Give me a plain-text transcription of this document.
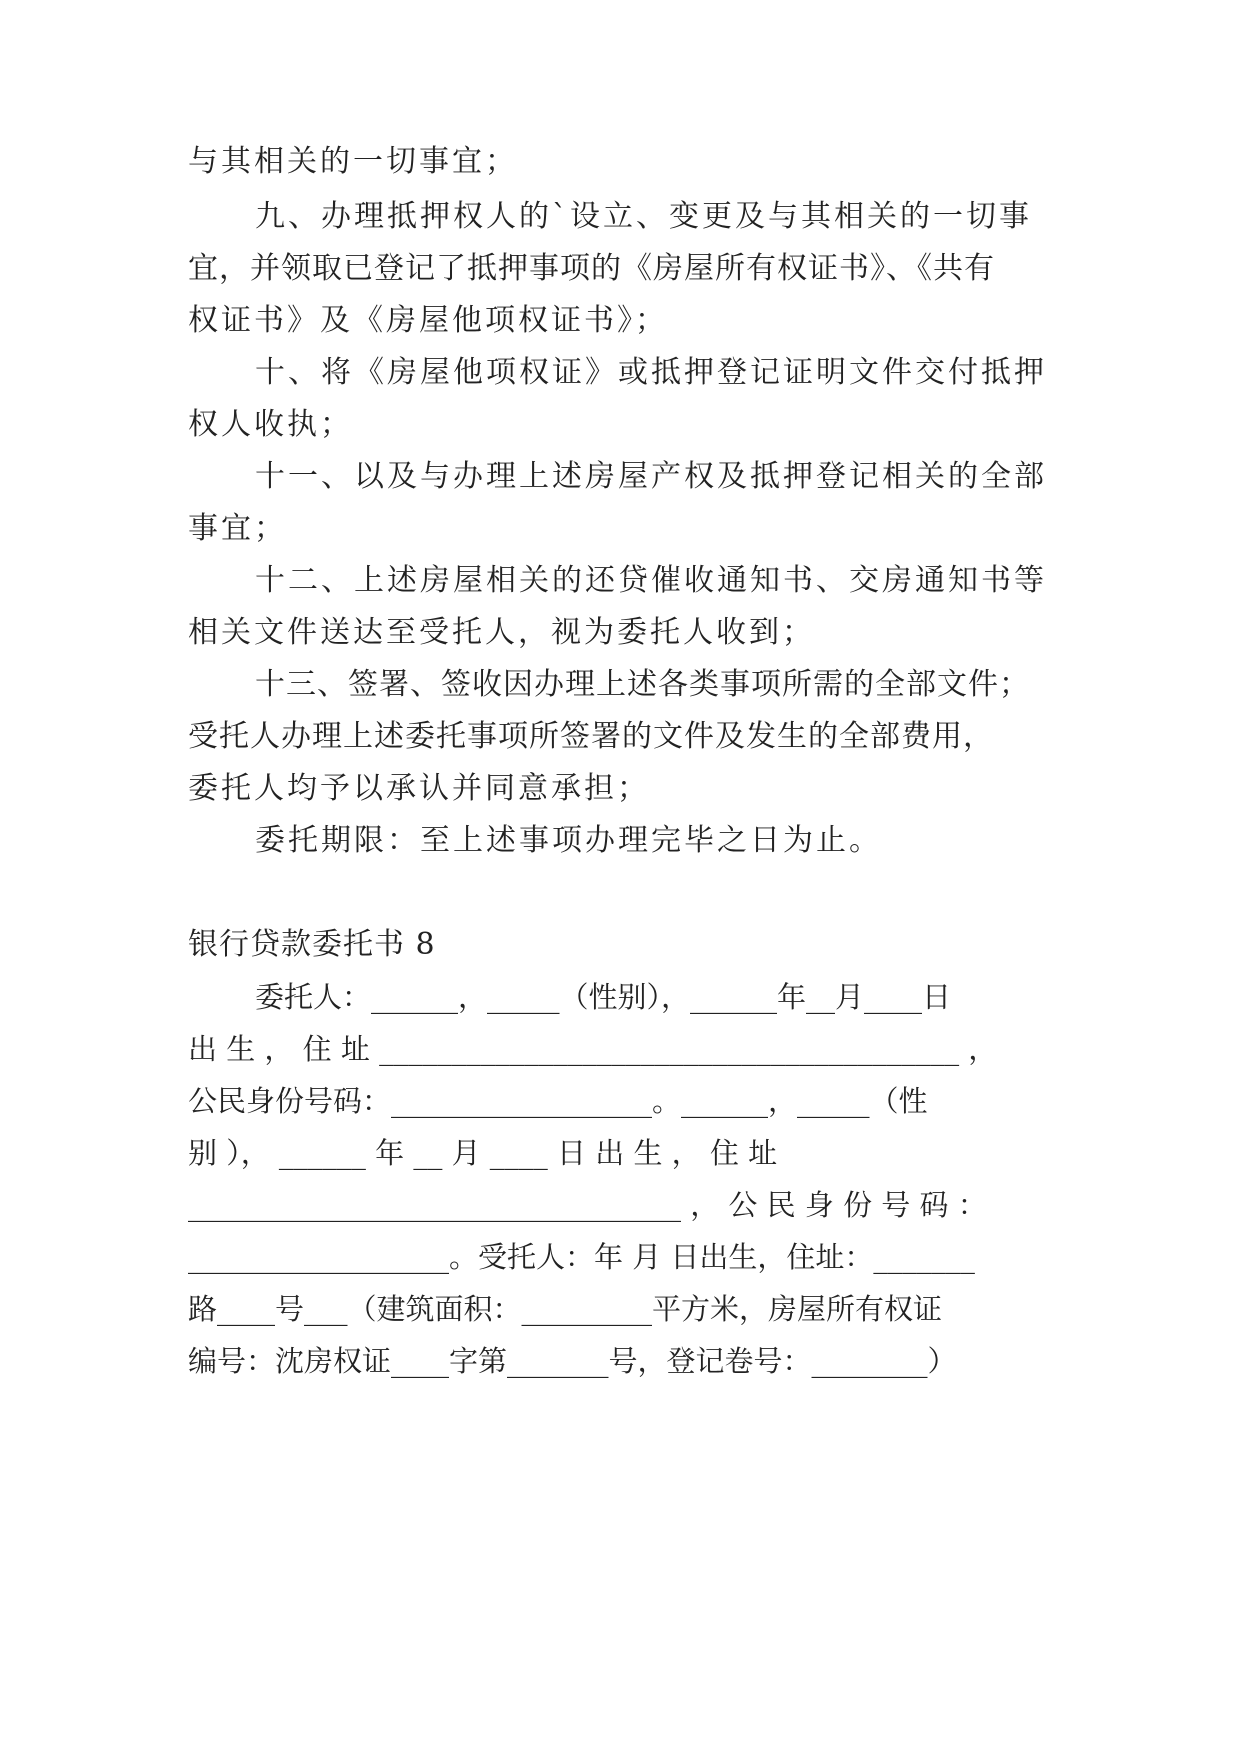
与其相关的一切事宜；
九、办理抵押权人的`设立、变更及与其相关的一切事
宜，并领取已登记了抵押事项的《房屋所有权证书》、《共有
权证书》及《房屋他项权证书》；
十、将《房屋他项权证》或抵押登记证明文件交付抵押
权人收执；
十一、以及与办理上述房屋产权及抵押登记相关的全部
事宜；
十二、上述房屋相关的还贷催收通知书、交房通知书等
相关文件送达至受托人，视为委托人收到；
十三、签署、签收因办理上述各类事项所需的全部文件；
受托人办理上述委托事项所签署的文件及发生的全部费用，
委托人均予以承认并同意承担；
委托期限：至上述事项办理完毕之日为止。
银行贷款委托书 8
委托人：______，_____（性别），______年__月____日
出 生 ， 住 址 ________________________________________ ，
公民身份号码：__________________。______，_____（性
别 ）， ______ 年 __ 月 ____ 日 出 生 ， 住 址
__________________________________ ， 公 民 身 份 号 码 ：
__________________。受托人：年 月 日出生，住址：_______
路____号___（建筑面积：_________平方米，房屋所有权证
编号：沈房权证____字第_______号，登记卷号：________）
